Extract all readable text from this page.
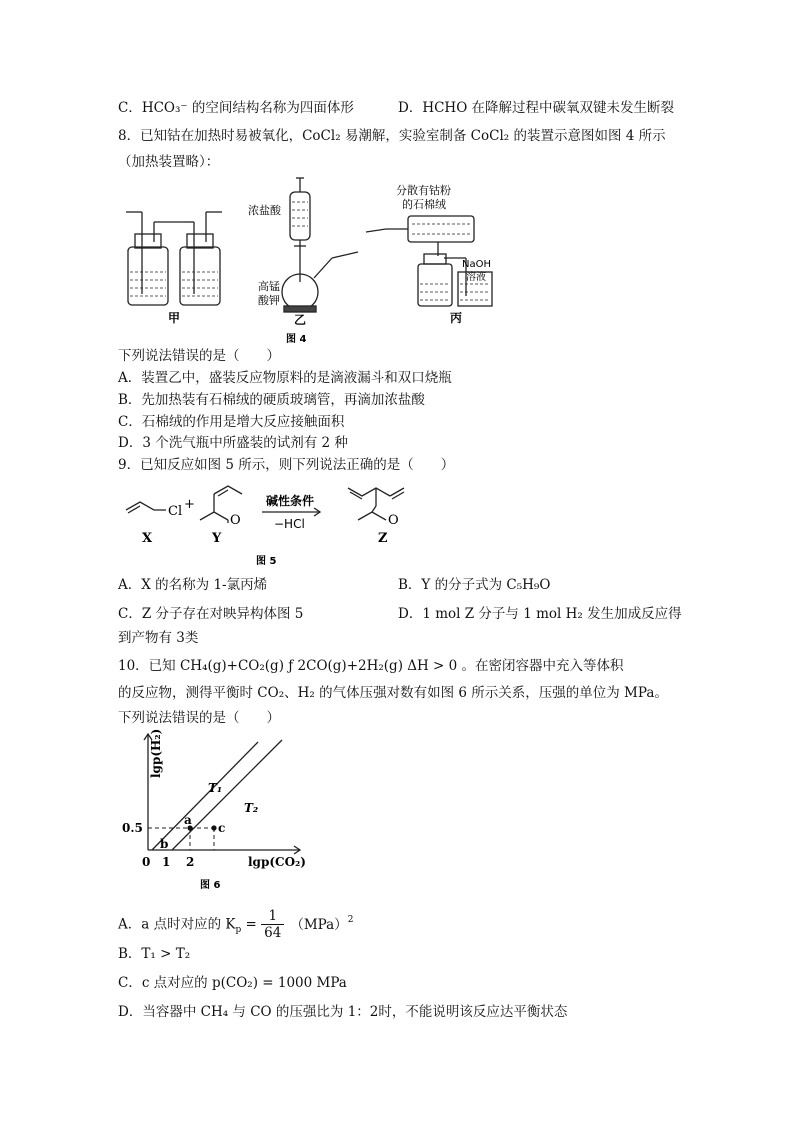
C．HCO₃⁻ 的空间结构名称为四面体形	D．HCHO 在降解过程中碳氧双键未发生断裂
8．已知钴在加热时易被氧化，CoCl₂ 易潮解，实验室制备 CoCl₂ 的装置示意图如图 4 所示
（加热装置略）：
浓盐酸
高锰
酸钾
分散有钴粉
的石棉绒
NaOH
溶液
甲	乙	丙
图 4
下列说法错误的是（　　）
A．装置乙中，盛装反应物原料的是滴液漏斗和双口烧瓶
B．先加热装有石棉绒的硬质玻璃管，再滴加浓盐酸
C．石棉绒的作用是增大反应接触面积
D．3 个洗气瓶中所盛装的试剂有 2 种
9．已知反应如图 5 所示，则下列说法正确的是（　　）
Cl +
O	O
碱性条件
−HCl
X	Y	Z
图 5
A．X 的名称为 1-氯丙烯	B．Y 的分子式为 C₅H₉O
C．Z 分子存在对映异构体图 5	D．1 mol Z 分子与 1 mol H₂ 发生加成反应得
到产物有 3类
10．已知 CH₄(g)+CO₂(g) ƒ 2CO(g)+2H₂(g) ΔH > 0 。在密闭容器中充入等体积
的反应物，测得平衡时 CO₂、H₂ 的气体压强对数有如图 6 所示关系，压强的单位为 MPa。
下列说法错误的是（　　）
lgp(H₂)
lgp(CO₂)
T₁
T₂
0.5
0 1 2
a
b
c
图 6
A．a 点时对应的 $K_p = \frac{1}{64} (MPa)^2$
B．T₁ > T₂
C．c 点对应的 p(CO₂) = 1000 MPa
D．当容器中 CH₄ 与 CO 的压强比为 1：2时，不能说明该反应达平衡状态
